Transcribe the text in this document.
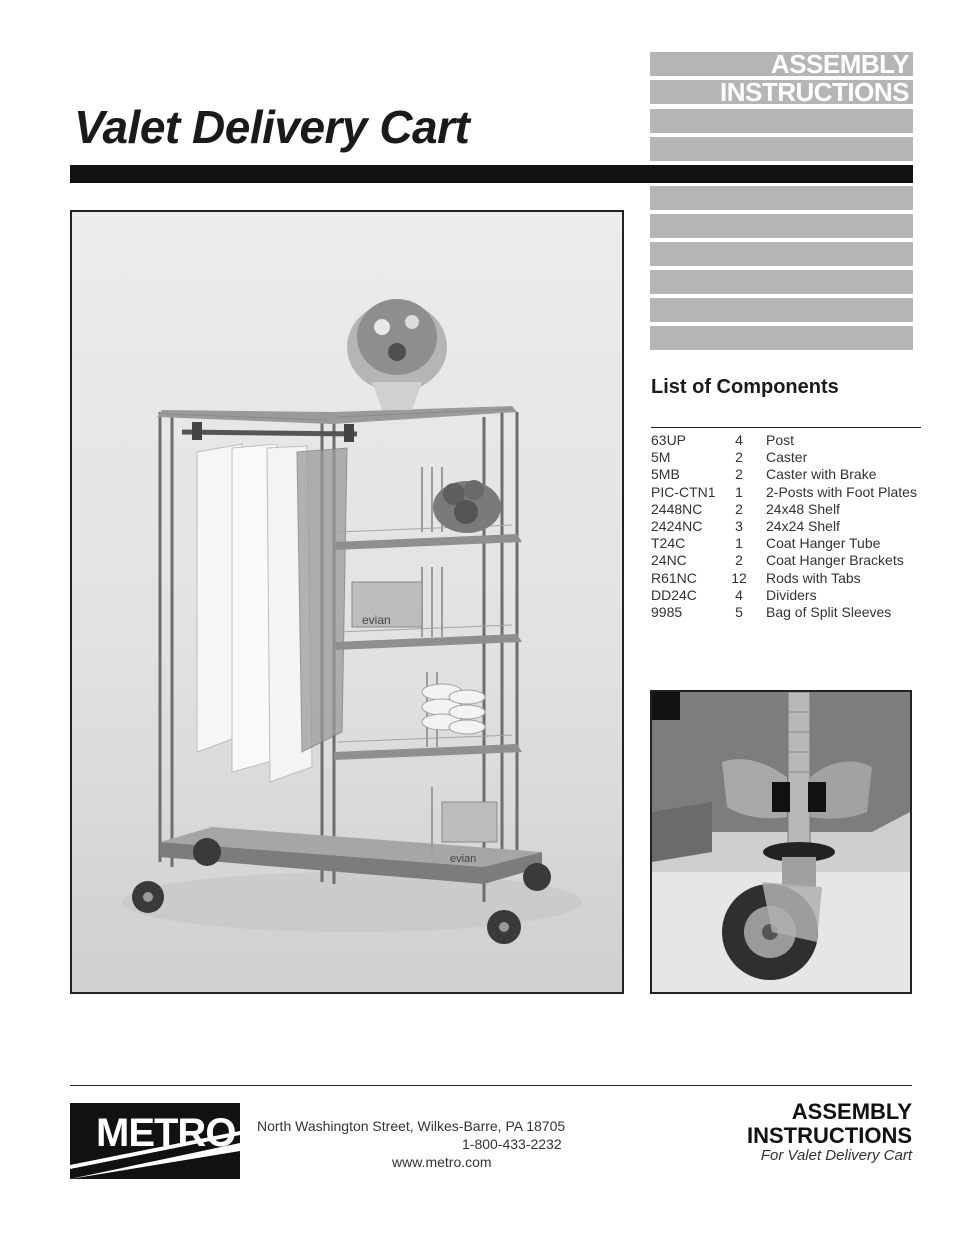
Valet Delivery Cart
ASSEMBLY
INSTRUCTIONS
evian
evian
List of Components
63UP	4	Post
5M	2	Caster
5MB	2	Caster with Brake
PIC-CTN1	1	2-Posts with Foot Plates
2448NC	2	24x48 Shelf
2424NC	3	24x24 Shelf
T24C	1	Coat Hanger Tube
24NC	2	Coat Hanger Brackets
R61NC	12	Rods with Tabs
DD24C	4	Dividers
9985	5	Bag of Split Sleeves
METRO North Washington Street, Wilkes-Barre, PA 18705
1-800-433-2232
www.metro.com
ASSEMBLY
INSTRUCTIONS
For Valet Delivery Cart
